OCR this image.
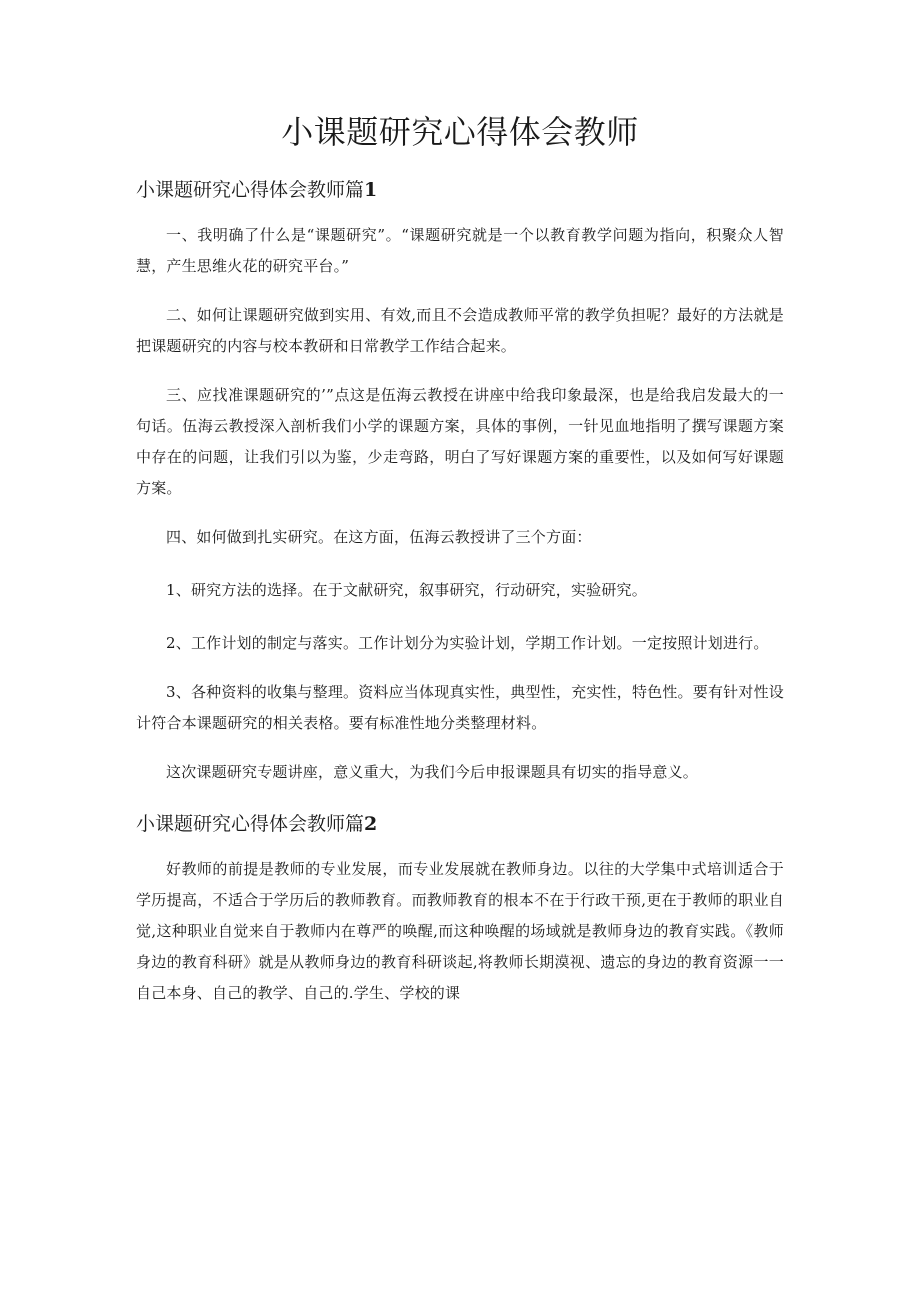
小课题研究心得体会教师
小课题研究心得体会教师篇1

一、我明确了什么是“课题研究”。“课题研究就是一个以教育教学问题为指向，积聚众人智慧，产生思维火花的研究平台。”

二、如何让课题研究做到实用、有效,而且不会造成教师平常的教学负担呢？最好的方法就是把课题研究的内容与校本教研和日常教学工作结合起来。

三、应找准课题研究的’”点这是伍海云教授在讲座中给我印象最深，也是给我启发最大的一句话。伍海云教授深入剖析我们小学的课题方案，具体的事例，一针见血地指明了撰写课题方案中存在的问题，让我们引以为鉴，少走弯路，明白了写好课题方案的重要性，以及如何写好课题方案。

四、如何做到扎实研究。在这方面，伍海云教授讲了三个方面：

1、研究方法的选择。在于文献研究，叙事研究，行动研究，实验研究。

2、工作计划的制定与落实。工作计划分为实验计划，学期工作计划。一定按照计划进行。

3、各种资料的收集与整理。资料应当体现真实性，典型性，充实性，特色性。要有针对性设计符合本课题研究的相关表格。要有标准性地分类整理材料。

这次课题研究专题讲座，意义重大，为我们今后申报课题具有切实的指导意义。

小课题研究心得体会教师篇2

好教师的前提是教师的专业发展，而专业发展就在教师身边。以往的大学集中式培训适合于学历提高，不适合于学历后的教师教育。而教师教育的根本不在于行政干预,更在于教师的职业自觉,这种职业自觉来自于教师内在尊严的唤醒,而这种唤醒的场域就是教师身边的教育实践。《教师身边的教育科研》就是从教师身边的教育科研谈起,将教师长期漠视、遗忘的身边的教育资源一一自己本身、自己的教学、自己的.学生、学校的课
